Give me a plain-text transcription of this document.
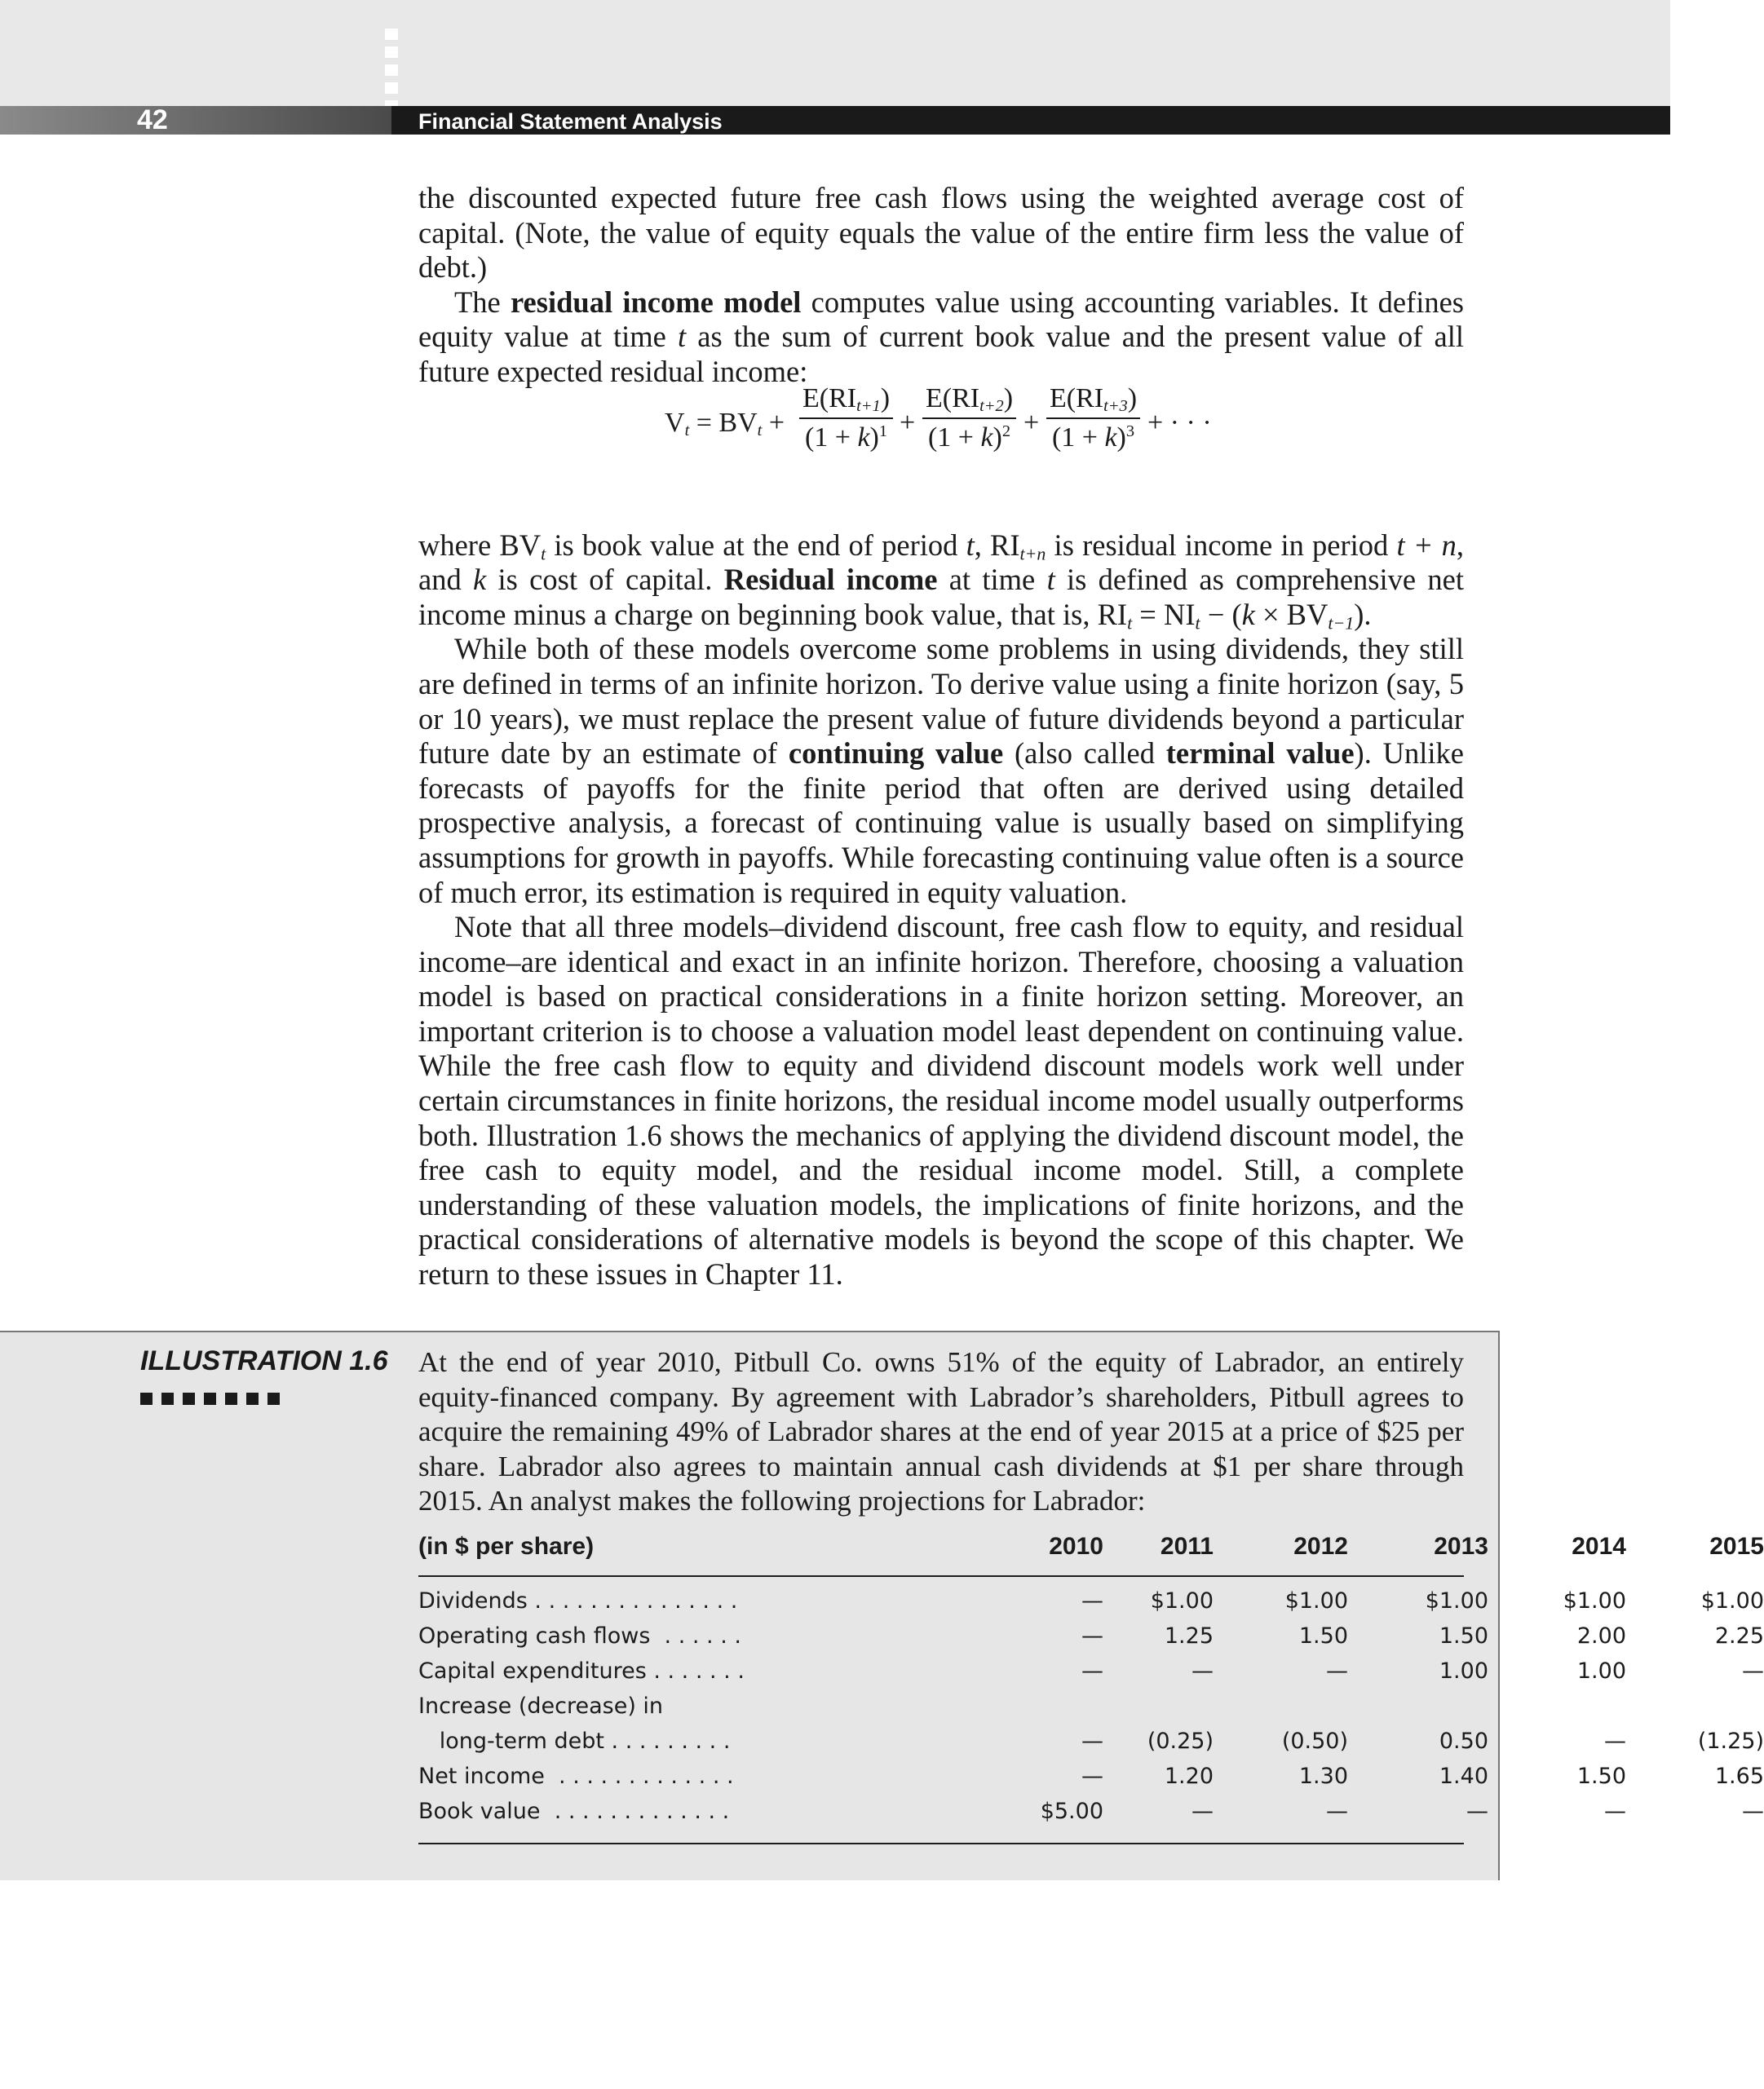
42	Financial Statement Analysis

the discounted expected future free cash flows using the weighted average cost of capital. (Note, the value of equity equals the value of the entire firm less the value of debt.)

The residual income model computes value using accounting variables. It defines equity value at time t as the sum of current book value and the present value of all future expected residual income:

where $BV_t$ is book value at the end of period t, $RI_{t+n}$ is residual income in period t + n, and k is cost of capital. Residual income at time t is defined as comprehensive net income minus a charge on beginning book value, that is, $RI_t = NI_t - (k \times BV_{t-1})$.

While both of these models overcome some problems in using dividends, they still are defined in terms of an infinite horizon. To derive value using a finite horizon (say, 5 or 10 years), we must replace the present value of future dividends beyond a particular future date by an estimate of continuing value (also called terminal value). Unlike forecasts of payoffs for the finite period that often are derived using detailed prospective analysis, a forecast of continuing value is usually based on simplifying assumptions for growth in payoffs. While forecasting continuing value often is a source of much error, its estimation is required in equity valuation.

Note that all three models–dividend discount, free cash flow to equity, and residual income–are identical and exact in an infinite horizon. Therefore, choosing a valuation model is based on practical considerations in a finite horizon setting. Moreover, an important criterion is to choose a valuation model least dependent on continuing value. While the free cash flow to equity and dividend discount models work well under certain circumstances in finite horizons, the residual income model usually outperforms both. Illustration 1.6 shows the mechanics of applying the dividend discount model, the free cash to equity model, and the residual income model. Still, a complete understanding of these valuation models, the implications of finite horizons, and the practical considerations of alternative models is beyond the scope of this chapter. We return to these issues in Chapter 11.

$V_t = BV_t$ +
$E(RI_{t+1})$
$(1 + k)^1$ +
$E(RI_{t+2})$
$(1 + k)^2$ +
$E(RI_{t+3})$
$(1 + k)^3$ + · · ·
ILLUSTRATION 1.6 At the end of year 2010, Pitbull Co. owns 51% of the equity of Labrador, an entirely equity-financed company. By agreement with Labrador’s shareholders, Pitbull agrees to acquire the remaining 49% of Labrador shares at the end of year 2015 at a price of $25 per share. Labrador also agrees to maintain annual cash dividends at $1 per share through 2015. An analyst makes the following projections for Labrador:

(in $ per share)	2010	2011	2012	2013	2014	2015
Dividends . . . . . . . . . . . . . . .	—	$1.00	$1.00	$1.00	$1.00	$1.00
Operating cash flows  . . . . . .	—	1.25	1.50	1.50	2.00	2.25
Capital expenditures . . . . . . .	—	—	—	1.00	1.00	—
Increase (decrease) in
long-term debt . . . . . . . . .	—	(0.25)	(0.50)	0.50	—	(1.25)
Net income  . . . . . . . . . . . . .	—	1.20	1.30	1.40	1.50	1.65
Book value  . . . . . . . . . . . . .	$5.00	—	—	—	—	—
